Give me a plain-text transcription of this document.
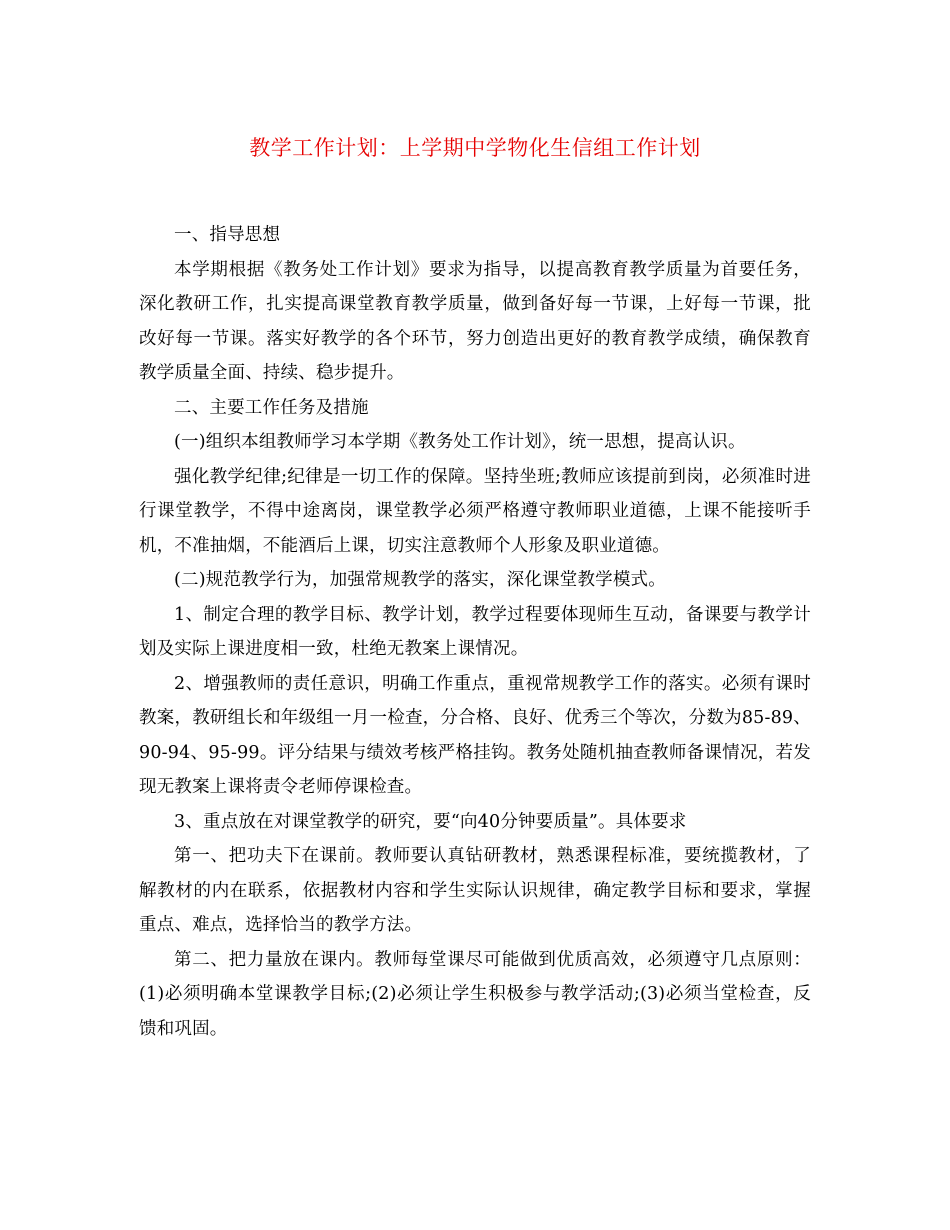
教学工作计划：上学期中学物化生信组工作计划

一、指导思想

本学期根据《教务处工作计划》要求为指导，以提高教育教学质量为首要任务，深化教研工作，扎实提高课堂教育教学质量，做到备好每一节课，上好每一节课，批改好每一节课。落实好教学的各个环节，努力创造出更好的教育教学成绩，确保教育教学质量全面、持续、稳步提升。

二、主要工作任务及措施

(一)组织本组教师学习本学期《教务处工作计划》，统一思想，提高认识。

强化教学纪律;纪律是一切工作的保障。坚持坐班;教师应该提前到岗，必须准时进行课堂教学，不得中途离岗，课堂教学必须严格遵守教师职业道德，上课不能接听手机，不准抽烟，不能酒后上课，切实注意教师个人形象及职业道德。

(二)规范教学行为，加强常规教学的落实，深化课堂教学模式。

1、制定合理的教学目标、教学计划，教学过程要体现师生互动，备课要与教学计划及实际上课进度相一致，杜绝无教案上课情况。

2、增强教师的责任意识，明确工作重点，重视常规教学工作的落实。必须有课时教案，教研组长和年级组一月一检查，分合格、良好、优秀三个等次，分数为85-89、90-94、95-99。评分结果与绩效考核严格挂钩。教务处随机抽查教师备课情况，若发现无教案上课将责令老师停课检查。

3、重点放在对课堂教学的研究，要“向40分钟要质量”。具体要求

第一、把功夫下在课前。教师要认真钻研教材，熟悉课程标准，要统揽教材，了解教材的内在联系，依据教材内容和学生实际认识规律，确定教学目标和要求，掌握重点、难点，选择恰当的教学方法。

第二、把力量放在课内。教师每堂课尽可能做到优质高效，必须遵守几点原则：(1)必须明确本堂课教学目标;(2)必须让学生积极参与教学活动;(3)必须当堂检查，反馈和巩固。
